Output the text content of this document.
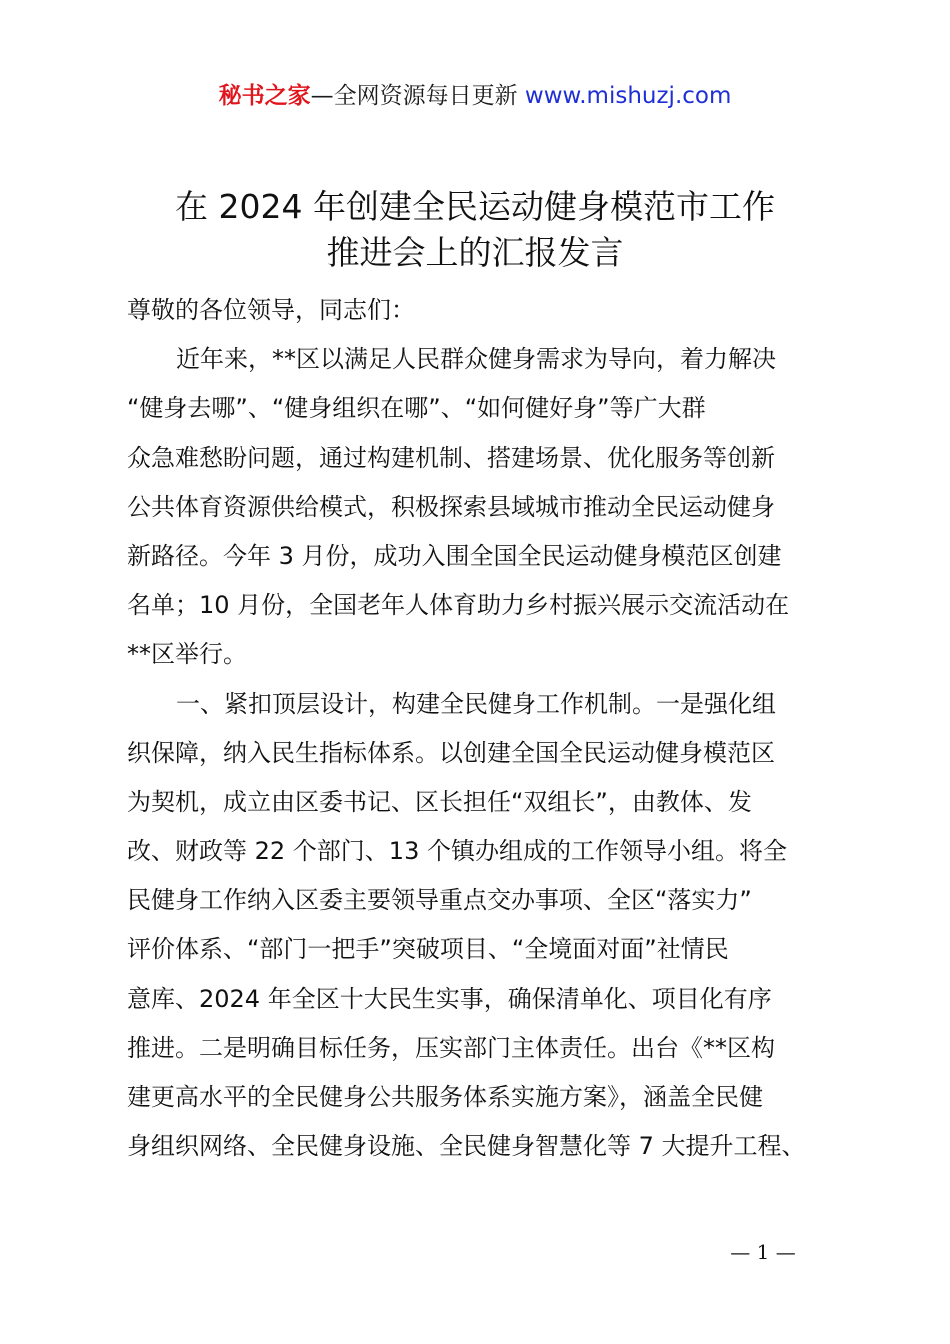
秘书之家—全网资源每日更新 www.mishuzj.com
在 2024 年创建全民运动健身模范市工作
推进会上的汇报发言
尊敬的各位领导，同志们：
近年来，**区以满足人民群众健身需求为导向，着力解决
“健身去哪”、“健身组织在哪”、“如何健好身”等广大群
众急难愁盼问题，通过构建机制、搭建场景、优化服务等创新
公共体育资源供给模式，积极探索县域城市推动全民运动健身
新路径。今年 3 月份，成功入围全国全民运动健身模范区创建
名单；10 月份，全国老年人体育助力乡村振兴展示交流活动在
**区举行。
一、紧扣顶层设计，构建全民健身工作机制。一是强化组
织保障，纳入民生指标体系。以创建全国全民运动健身模范区
为契机，成立由区委书记、区长担任“双组长”，由教体、发
改、财政等 22 个部门、13 个镇办组成的工作领导小组。将全
民健身工作纳入区委主要领导重点交办事项、全区“落实力”
评价体系、“部门一把手”突破项目、“全境面对面”社情民
意库、2024 年全区十大民生实事，确保清单化、项目化有序
推进。二是明确目标任务，压实部门主体责任。出台《**区构
建更高水平的全民健身公共服务体系实施方案》，涵盖全民健
身组织网络、全民健身设施、全民健身智慧化等 7 大提升工程、
— 1 —
